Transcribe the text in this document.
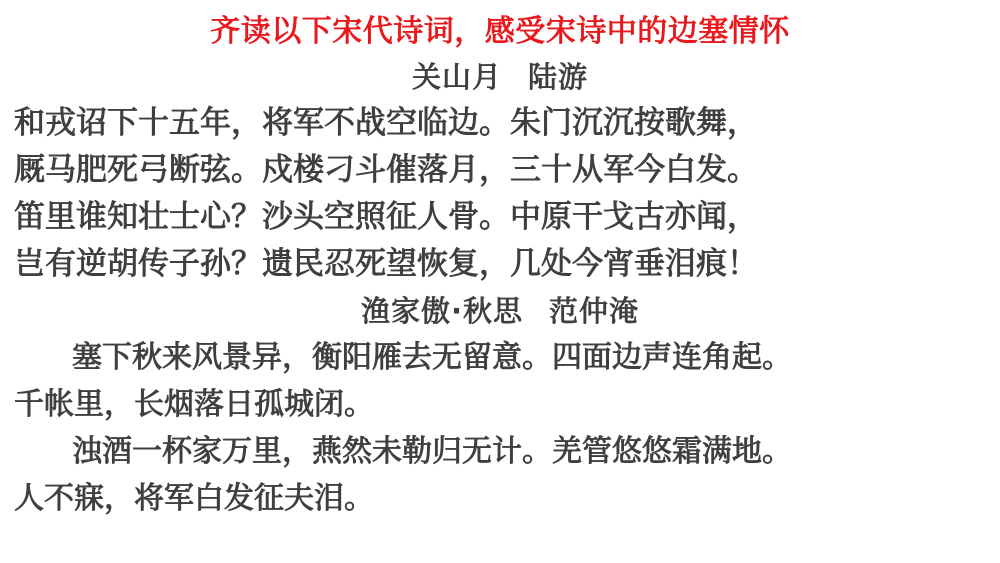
齐读以下宋代诗词，感受宋诗中的边塞情怀
关山月 陆游
和戎诏下十五年，将军不战空临边。朱门沉沉按歌舞，
厩马肥死弓断弦。戍楼刁斗催落月，三十从军今白发。
笛里谁知壮士心？沙头空照征人骨。中原干戈古亦闻，
岂有逆胡传子孙？遗民忍死望恢复，几处今宵垂泪痕！
渔家傲·秋思 范仲淹
塞下秋来风景异，衡阳雁去无留意。四面边声连角起。
千帐里，长烟落日孤城闭。
浊酒一杯家万里，燕然未勒归无计。羌管悠悠霜满地。
人不寐，将军白发征夫泪。
